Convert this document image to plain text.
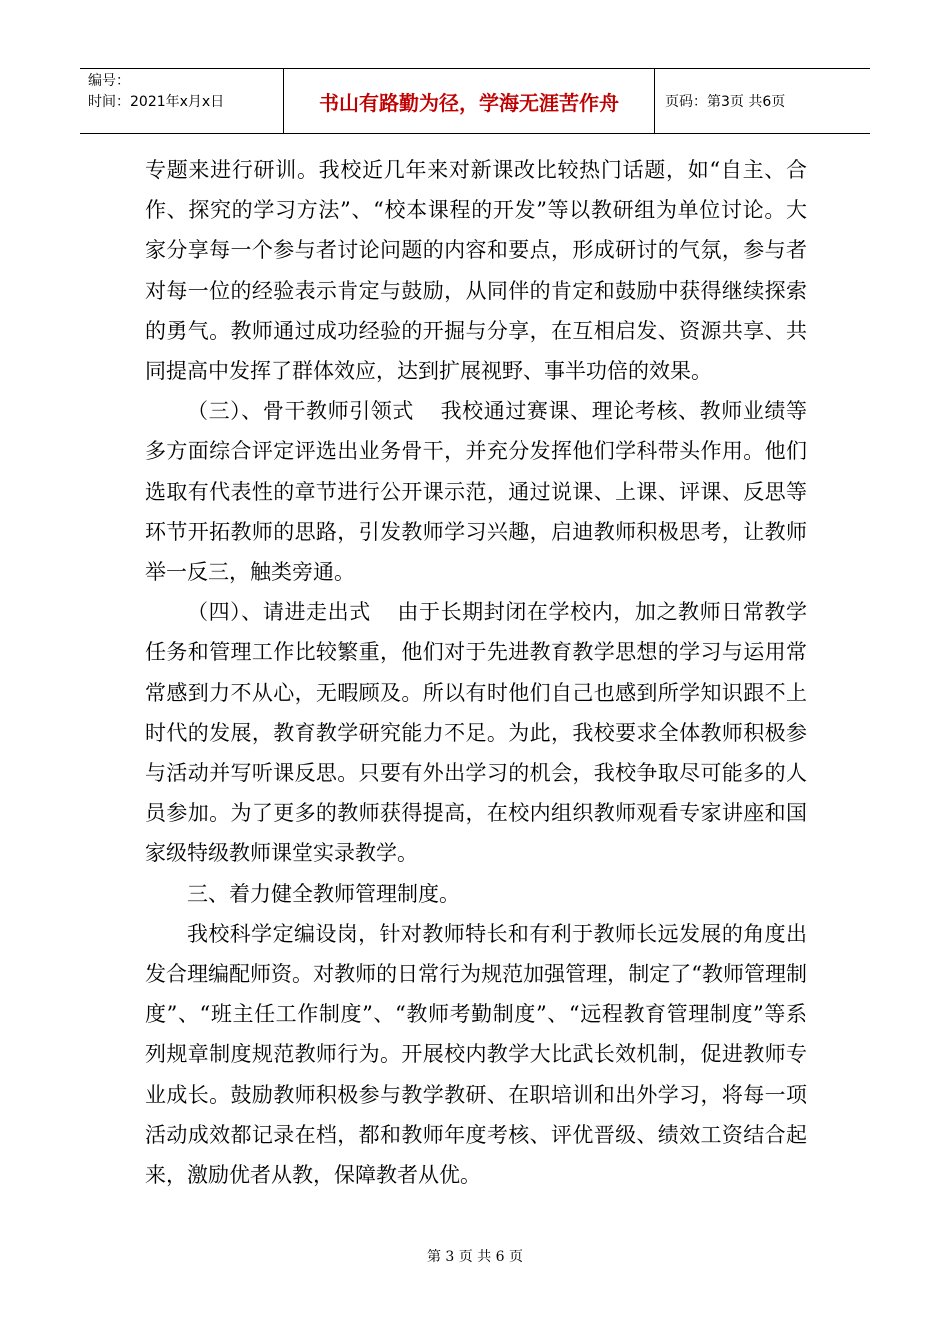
编号：
时间：2021年x月x日	书山有路勤为径，学海无涯苦作舟	页码：第3页 共6页

专题来进行研训。我校近几年来对新课改比较热门话题，如“自主、合作、探究的学习方法”、“校本课程的开发”等以教研组为单位讨论。大家分享每一个参与者讨论问题的内容和要点，形成研讨的气氛，参与者对每一位的经验表示肯定与鼓励，从同伴的肯定和鼓励中获得继续探索的勇气。教师通过成功经验的开掘与分享，在互相启发、资源共享、共同提高中发挥了群体效应，达到扩展视野、事半功倍的效果。

（三）、骨干教师引领式 我校通过赛课、理论考核、教师业绩等多方面综合评定评选出业务骨干，并充分发挥他们学科带头作用。他们选取有代表性的章节进行公开课示范，通过说课、上课、评课、反思等环节开拓教师的思路，引发教师学习兴趣，启迪教师积极思考，让教师举一反三，触类旁通。

（四）、请进走出式 由于长期封闭在学校内，加之教师日常教学任务和管理工作比较繁重，他们对于先进教育教学思想的学习与运用常常感到力不从心，无暇顾及。所以有时他们自己也感到所学知识跟不上时代的发展，教育教学研究能力不足。为此，我校要求全体教师积极参与活动并写听课反思。只要有外出学习的机会，我校争取尽可能多的人员参加。为了更多的教师获得提高，在校内组织教师观看专家讲座和国家级特级教师课堂实录教学。

三、着力健全教师管理制度。

我校科学定编设岗，针对教师特长和有利于教师长远发展的角度出发合理编配师资。对教师的日常行为规范加强管理，制定了“教师管理制度”、“班主任工作制度”、“教师考勤制度”、“远程教育管理制度”等系列规章制度规范教师行为。开展校内教学大比武长效机制，促进教师专业成长。鼓励教师积极参与教学教研、在职培训和出外学习，将每一项活动成效都记录在档，都和教师年度考核、评优晋级、绩效工资结合起来，激励优者从教，保障教者从优。

第 3 页 共 6 页
